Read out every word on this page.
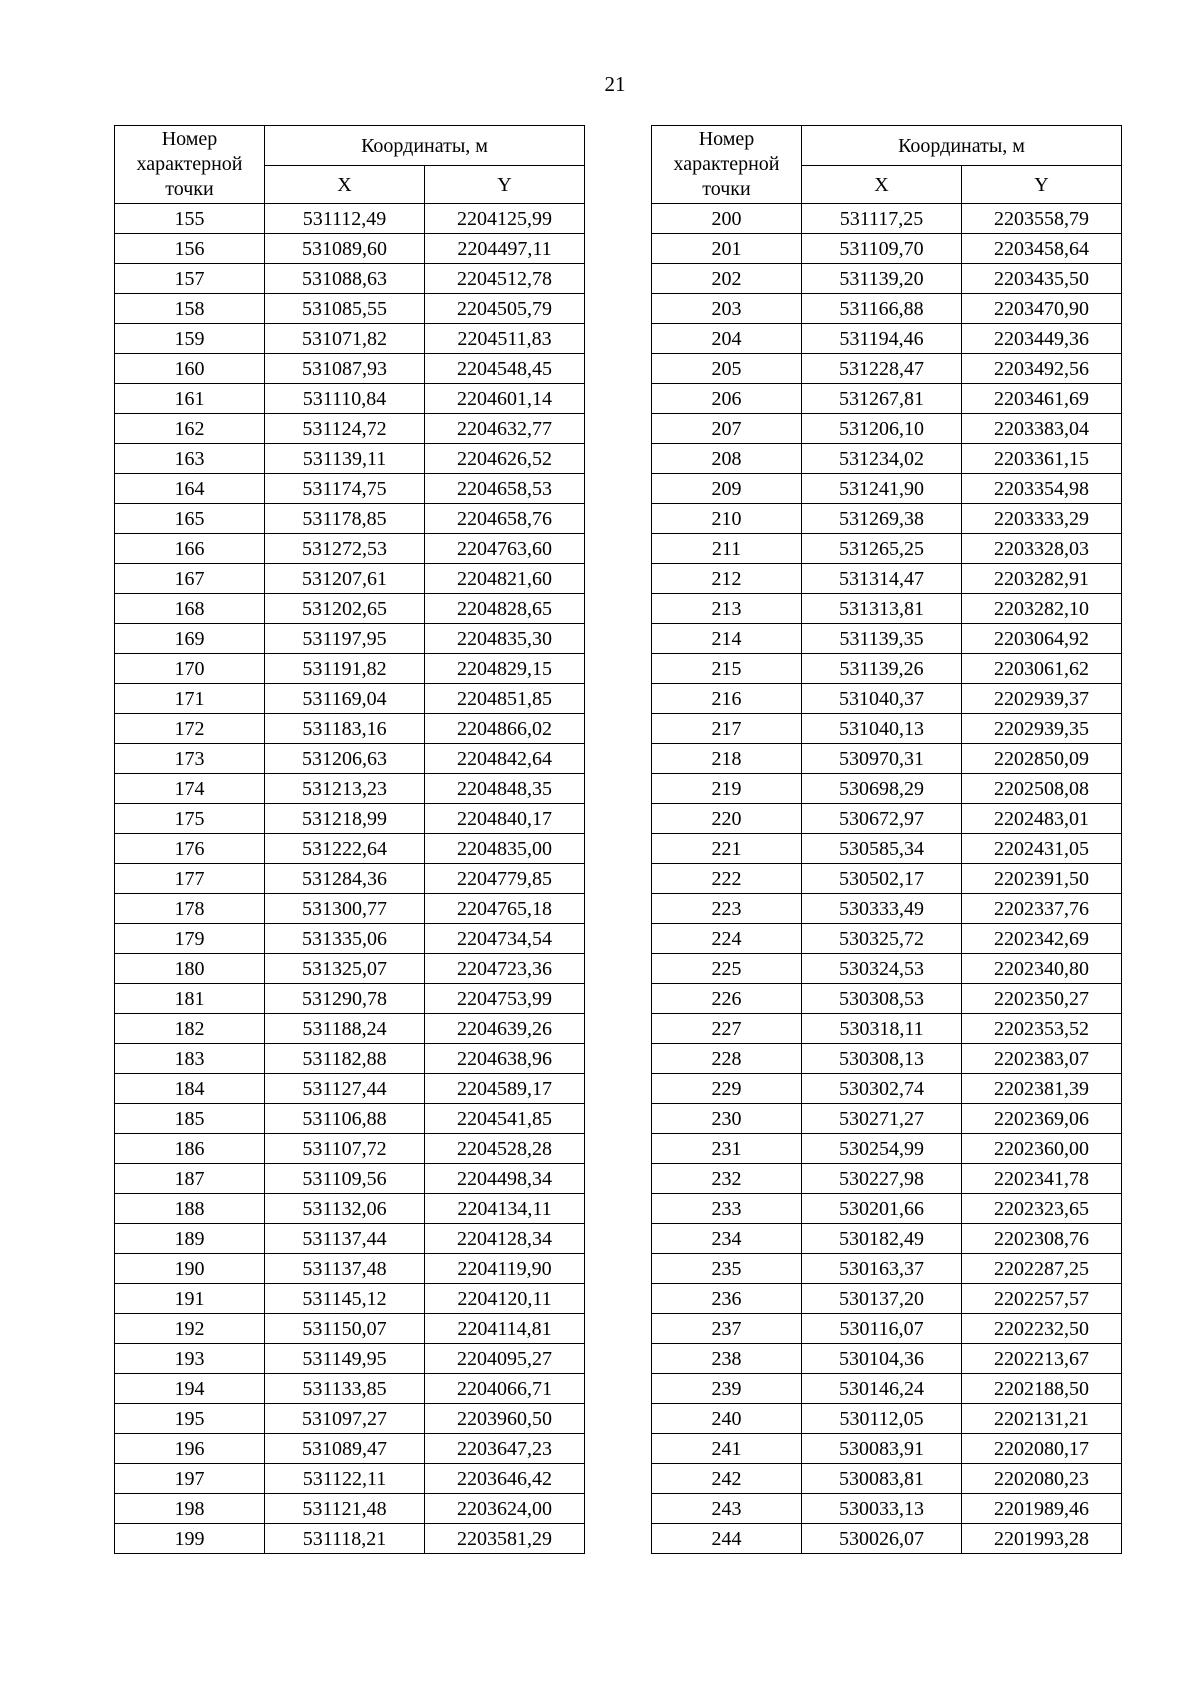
21
Номер характерной точки	Координаты, м	
	X	Y
155	531112,49	2204125,99
156	531089,60	2204497,11
157	531088,63	2204512,78
158	531085,55	2204505,79
159	531071,82	2204511,83
160	531087,93	2204548,45
161	531110,84	2204601,14
162	531124,72	2204632,77
163	531139,11	2204626,52
164	531174,75	2204658,53
165	531178,85	2204658,76
166	531272,53	2204763,60
167	531207,61	2204821,60
168	531202,65	2204828,65
169	531197,95	2204835,30
170	531191,82	2204829,15
171	531169,04	2204851,85
172	531183,16	2204866,02
173	531206,63	2204842,64
174	531213,23	2204848,35
175	531218,99	2204840,17
176	531222,64	2204835,00
177	531284,36	2204779,85
178	531300,77	2204765,18
179	531335,06	2204734,54
180	531325,07	2204723,36
181	531290,78	2204753,99
182	531188,24	2204639,26
183	531182,88	2204638,96
184	531127,44	2204589,17
185	531106,88	2204541,85
186	531107,72	2204528,28
187	531109,56	2204498,34
188	531132,06	2204134,11
189	531137,44	2204128,34
190	531137,48	2204119,90
191	531145,12	2204120,11
192	531150,07	2204114,81
193	531149,95	2204095,27
194	531133,85	2204066,71
195	531097,27	2203960,50
196	531089,47	2203647,23
197	531122,11	2203646,42
198	531121,48	2203624,00
199	531118,21	2203581,29
Номер характерной точки	Координаты, м	
	X	Y
200	531117,25	2203558,79
201	531109,70	2203458,64
202	531139,20	2203435,50
203	531166,88	2203470,90
204	531194,46	2203449,36
205	531228,47	2203492,56
206	531267,81	2203461,69
207	531206,10	2203383,04
208	531234,02	2203361,15
209	531241,90	2203354,98
210	531269,38	2203333,29
211	531265,25	2203328,03
212	531314,47	2203282,91
213	531313,81	2203282,10
214	531139,35	2203064,92
215	531139,26	2203061,62
216	531040,37	2202939,37
217	531040,13	2202939,35
218	530970,31	2202850,09
219	530698,29	2202508,08
220	530672,97	2202483,01
221	530585,34	2202431,05
222	530502,17	2202391,50
223	530333,49	2202337,76
224	530325,72	2202342,69
225	530324,53	2202340,80
226	530308,53	2202350,27
227	530318,11	2202353,52
228	530308,13	2202383,07
229	530302,74	2202381,39
230	530271,27	2202369,06
231	530254,99	2202360,00
232	530227,98	2202341,78
233	530201,66	2202323,65
234	530182,49	2202308,76
235	530163,37	2202287,25
236	530137,20	2202257,57
237	530116,07	2202232,50
238	530104,36	2202213,67
239	530146,24	2202188,50
240	530112,05	2202131,21
241	530083,91	2202080,17
242	530083,81	2202080,23
243	530033,13	2201989,46
244	530026,07	2201993,28
